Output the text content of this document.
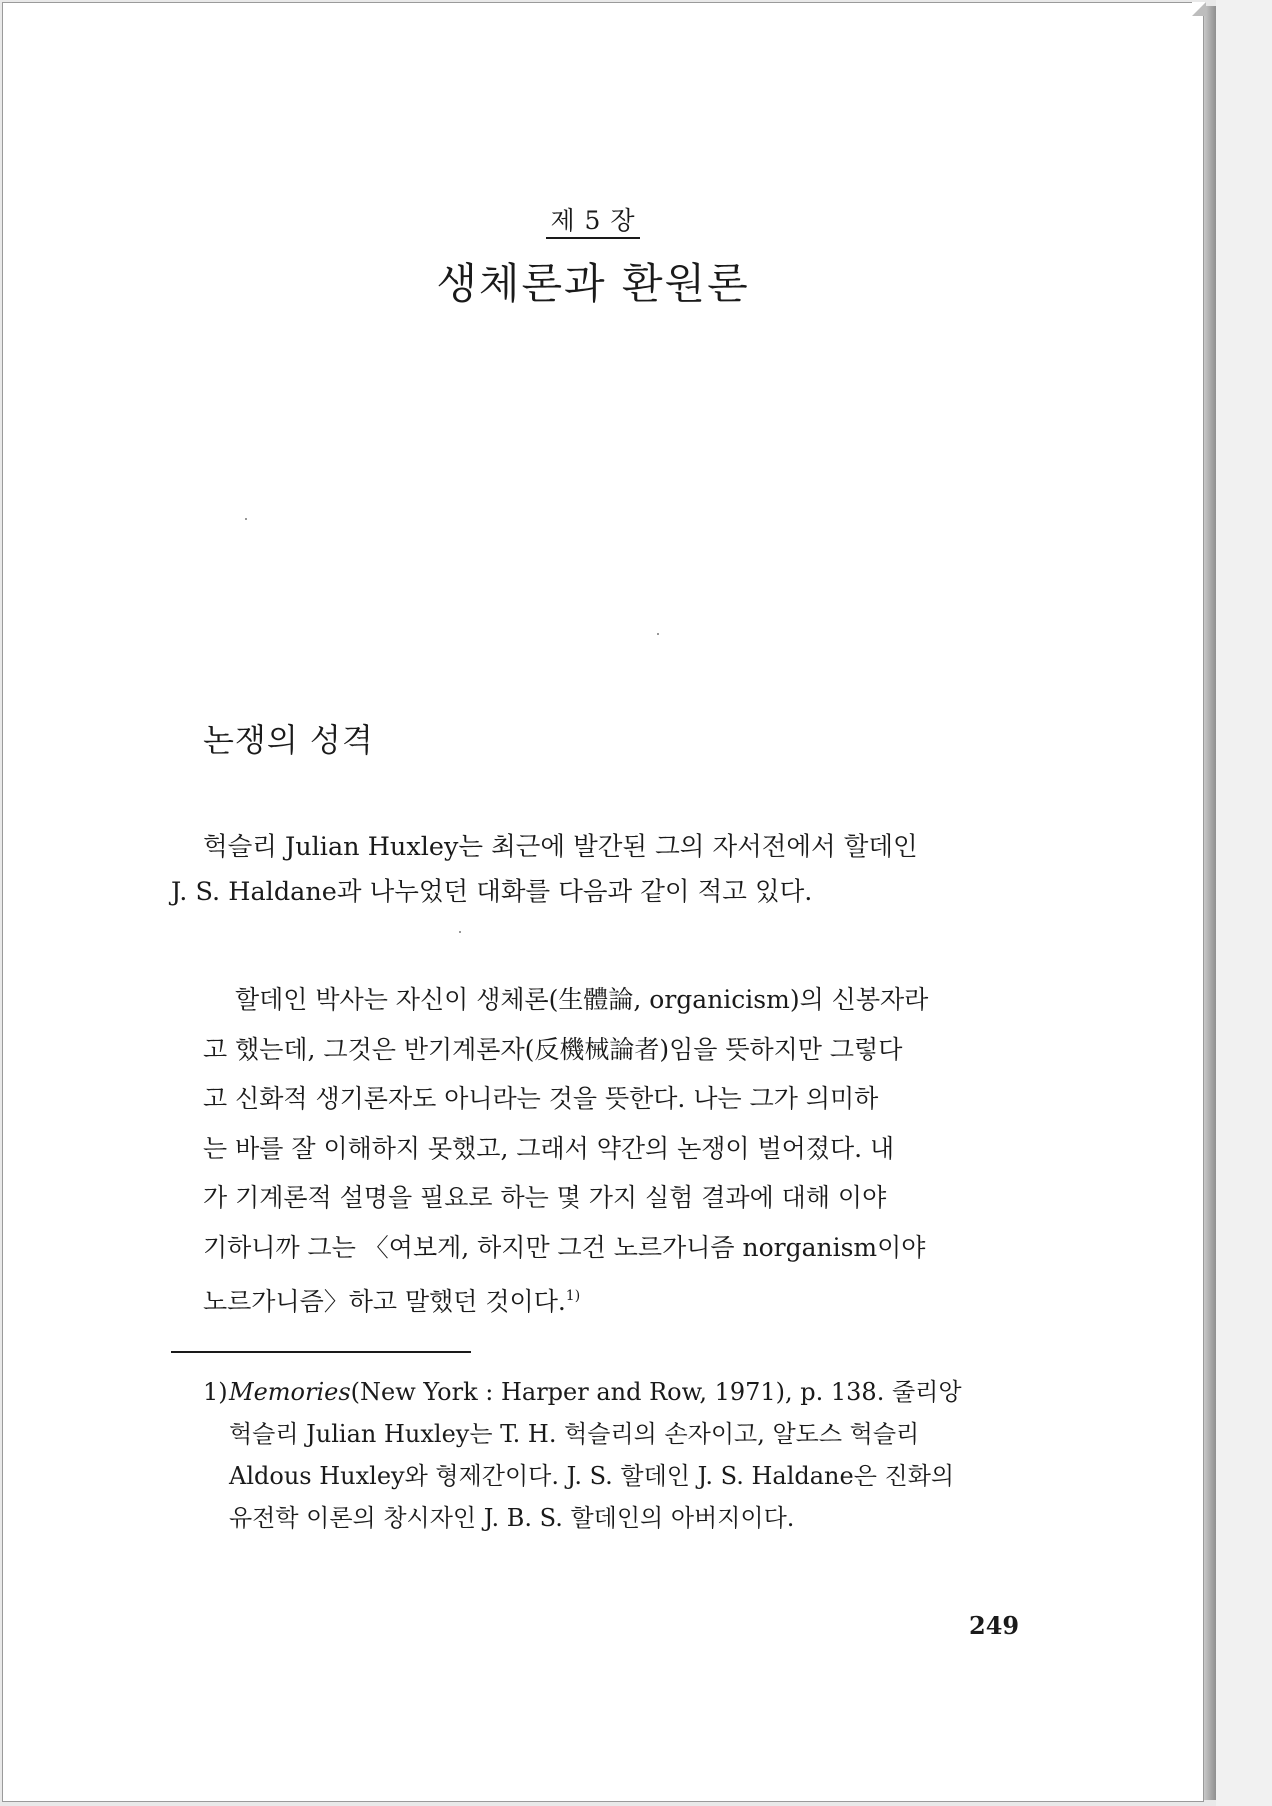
제 5 장
생체론과 환원론
논쟁의 성격
헉슬리 Julian Huxley는 최근에 발간된 그의 자서전에서 할데인
J. S. Haldane과 나누었던 대화를 다음과 같이 적고 있다.
할데인 박사는 자신이 생체론(生體論, organicism)의 신봉자라
고 했는데, 그것은 반기계론자(反機械論者)임을 뜻하지만 그렇다
고 신화적 생기론자도 아니라는 것을 뜻한다. 나는 그가 의미하
는 바를 잘 이해하지 못했고, 그래서 약간의 논쟁이 벌어졌다. 내
가 기계론적 설명을 필요로 하는 몇 가지 실험 결과에 대해 이야
기하니까 그는 〈여보게, 하지만 그건 노르가니즘 norganism이야
노르가니즘〉하고 말했던 것이다.$^{1)}$
1)Memories(New York : Harper and Row, 1971), p. 138. 줄리앙
헉슬리 Julian Huxley는 T. H. 헉슬리의 손자이고, 알도스 헉슬리
Aldous Huxley와 형제간이다. J. S. 할데인 J. S. Haldane은 진화의
유전학 이론의 창시자인 J. B. S. 할데인의 아버지이다.
249
